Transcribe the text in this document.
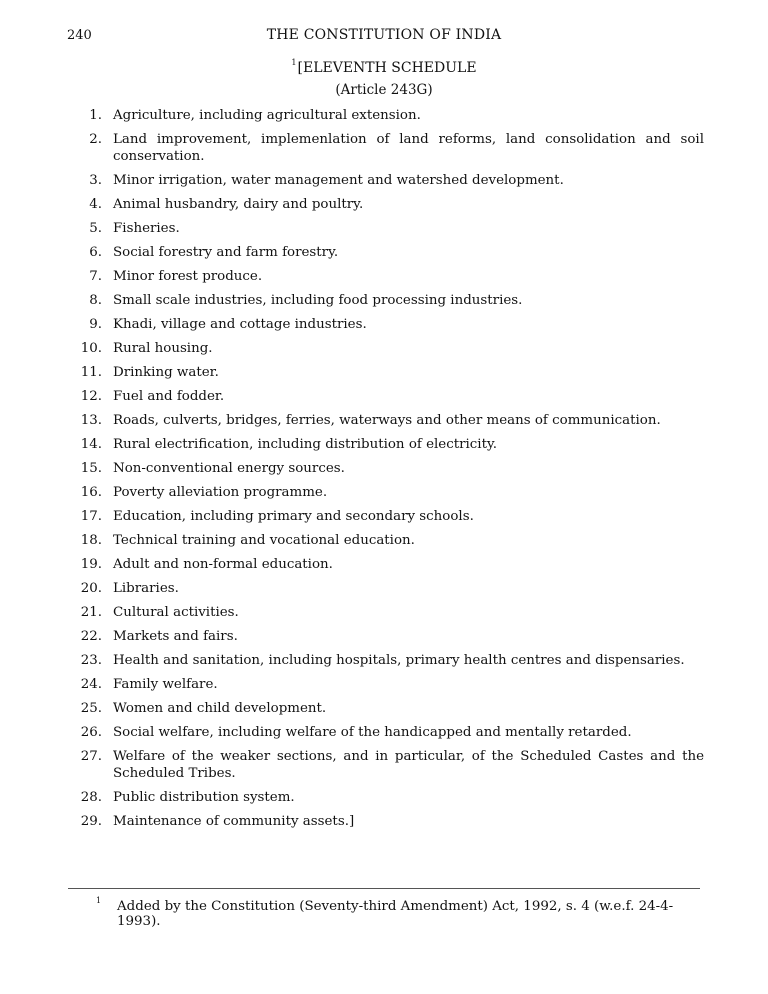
240	THE CONSTITUTION OF INDIA
$^1$[ELEVENTH SCHEDULE
(Article 243G)
1. Agriculture, including agricultural extension.
2. Land improvement, implemenlation of land reforms, land consolidation and soil conservation.
3. Minor irrigation, water management and watershed development.
4. Animal husbandry, dairy and poultry.
5. Fisheries.
6. Social forestry and farm forestry.
7. Minor forest produce.
8. Small scale industries, including food processing industries.
9. Khadi, village and cottage industries.
10. Rural housing.
11. Drinking water.
12. Fuel and fodder.
13. Roads, culverts, bridges, ferries, waterways and other means of communication.
14. Rural electrification, including distribution of electricity.
15. Non-conventional energy sources.
16. Poverty alleviation programme.
17. Education, including primary and secondary schools.
18. Technical training and vocational education.
19. Adult and non-formal education.
20. Libraries.
21. Cultural activities.
22. Markets and fairs.
23. Health and sanitation, including hospitals, primary health centres and dispensaries.
24. Family welfare.
25. Women and child development.
26. Social welfare, including welfare of the handicapped and mentally retarded.
27. Welfare of the weaker sections, and in particular, of the Scheduled Castes and the Scheduled Tribes.
28. Public distribution system.
29. Maintenance of community assets.]
1 Added by the Constitution (Seventy-third Amendment) Act, 1992, s. 4 (w.e.f. 24-4-1993).
